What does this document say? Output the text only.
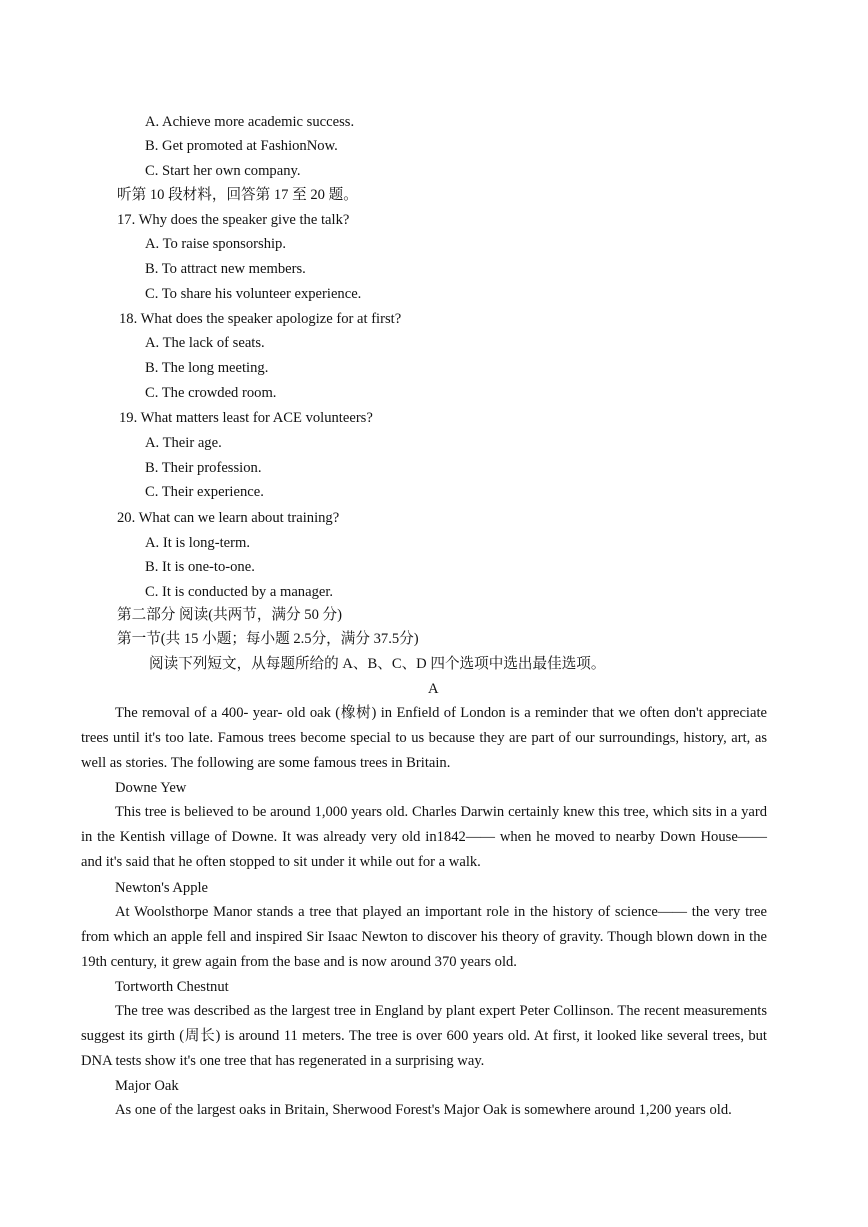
A. Achieve more academic success.
B. Get promoted at FashionNow.
C. Start her own company.
听第 10 段材料，回答第 17 至 20 题。
17. Why does the speaker give the talk?
A. To raise sponsorship.
B. To attract new members.
C. To share his volunteer experience.
18. What does the speaker apologize for at first?
A. The lack of seats.
B. The long meeting.
C. The crowded room.
19. What matters least for ACE volunteers?
A. Their age.
B. Their profession.
C. Their experience.
20. What can we learn about training?
A. It is long-term.
B. It is one-to-one.
C. It is conducted by a manager.
第二部分 阅读(共两节，满分 50 分)
第一节(共 15 小题；每小题 2.5分，满分 37.5分)
阅读下列短文，从每题所给的 A、B、C、D 四个选项中选出最佳选项。
A
The removal of a 400- year- old oak (橡树) in Enfield of London is a reminder that we often don't appreciate trees until it's too late. Famous trees become special to us because they are part of our surroundings, history, art, as well as stories. The following are some famous trees in Britain.
Downe Yew
This tree is believed to be around 1,000 years old. Charles Darwin certainly knew this tree, which sits in a yard in the Kentish village of Downe. It was already very old in1842—— when he moved to nearby Down House—— and it's said that he often stopped to sit under it while out for a walk.
Newton's Apple
At Woolsthorpe Manor stands a tree that played an important role in the history of science—— the very tree from which an apple fell and inspired Sir Isaac Newton to discover his theory of gravity. Though blown down in the 19th century, it grew again from the base and is now around 370 years old.
Tortworth Chestnut
The tree was described as the largest tree in England by plant expert Peter Collinson. The recent measurements suggest its girth (周长) is around 11 meters. The tree is over 600 years old. At first, it looked like several trees, but DNA tests show it's one tree that has regenerated in a surprising way.
Major Oak
As one of the largest oaks in Britain, Sherwood Forest's Major Oak is somewhere around 1,200 years old.
